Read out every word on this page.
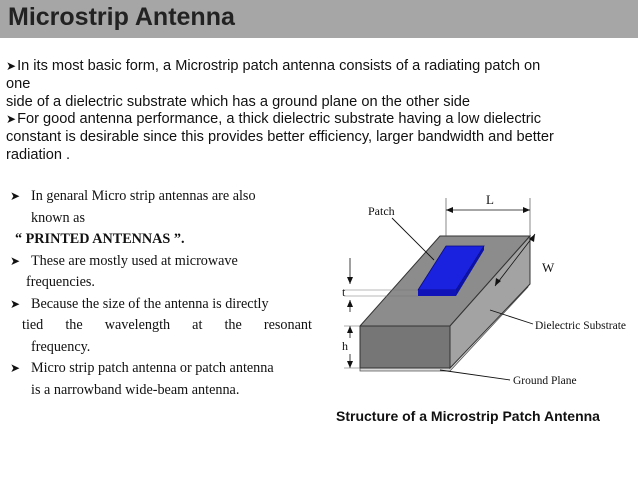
Microstrip Antenna

➤In its most basic form, a Microstrip patch antenna consists of a radiating patch on

one

side of a dielectric substrate which has a ground plane on the other side

➤For good antenna performance, a thick dielectric substrate having a low dielectric

constant is desirable since this provides better efficiency, larger bandwidth and better

radiation .

➤ In genaral Micro strip antennas are also
known as
“ PRINTED ANTENNAS ”.
➤ These are mostly used at microwave
frequencies.
➤ Because the size of the antenna is directly
tied the wavelength at the resonant
frequency.
➤ Micro strip patch antenna or patch antenna
is a narrowband wide-beam antenna.
Patch
L
W
t
h
Dielectric Substrate
Ground Plane
Structure of a Microstrip Patch Antenna
